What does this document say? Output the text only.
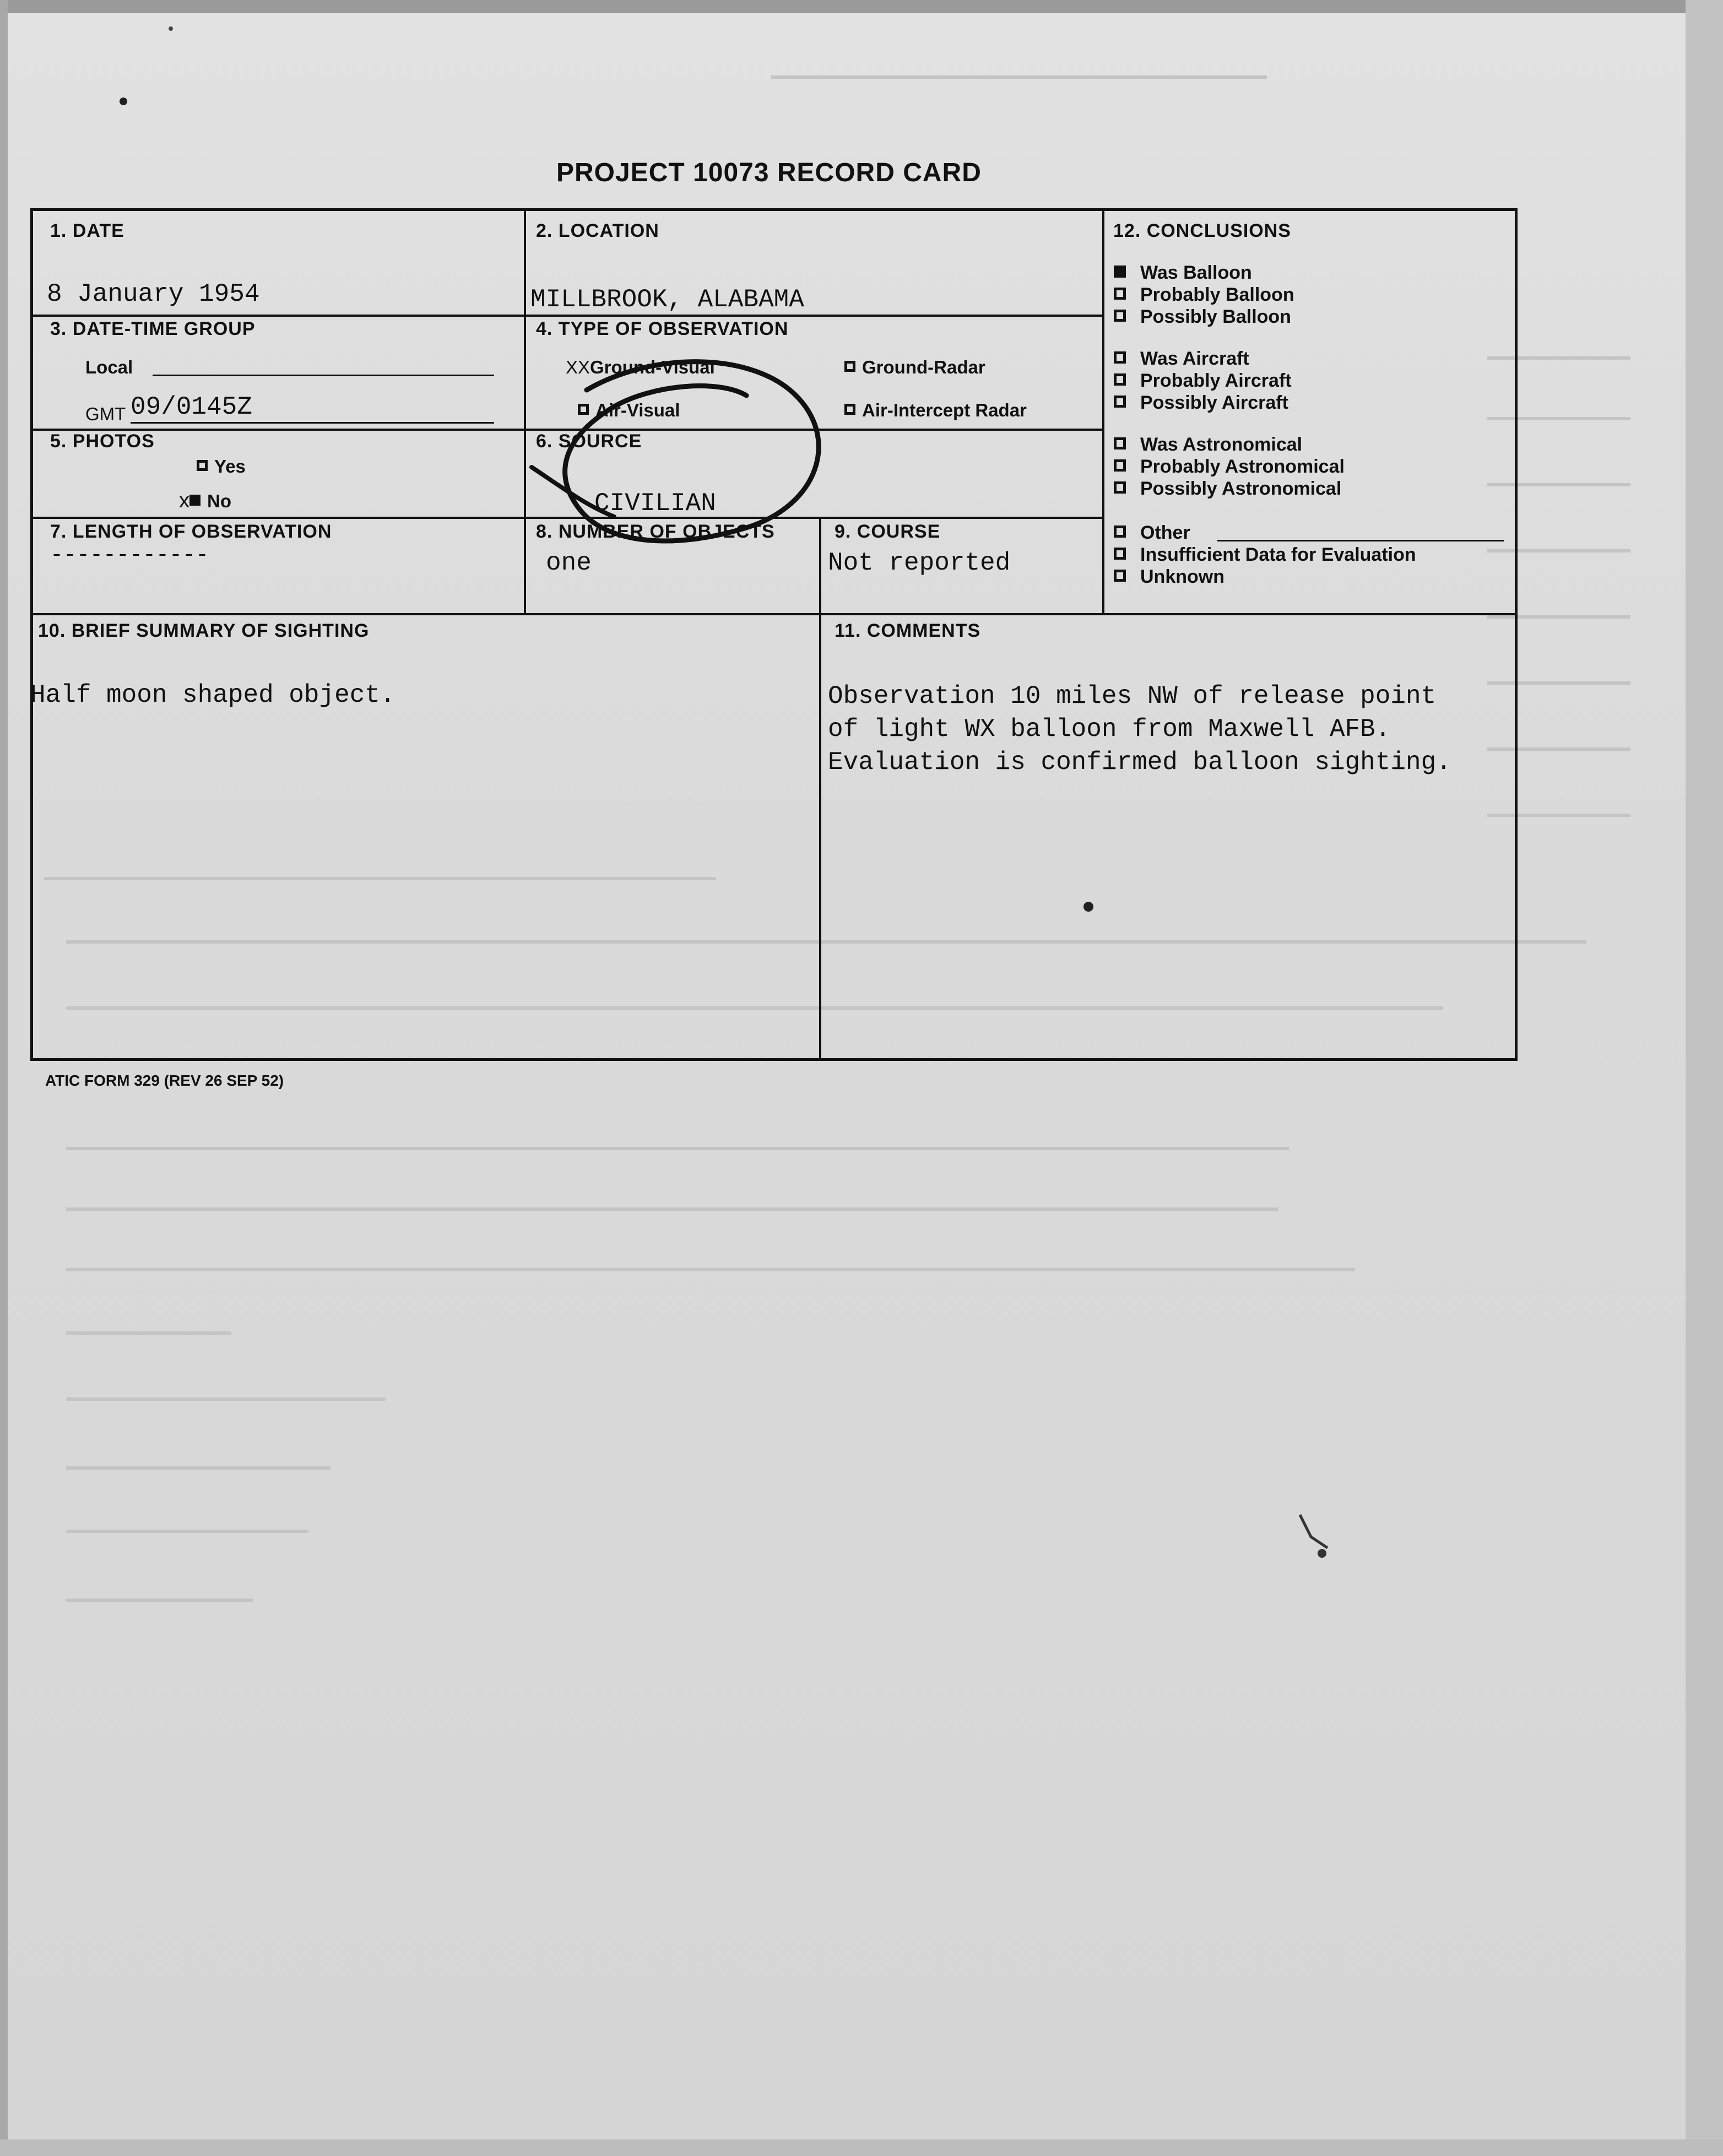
PROJECT 10073 RECORD CARD
1. DATE
8 January 1954
2. LOCATION
MILLBROOK, ALABAMA
3. DATE-TIME GROUP
Local
GMT 09/0145Z
4. TYPE OF OBSERVATION
XXGround-Visual	Ground-Radar
Air-Visual	Air-Intercept Radar
5. PHOTOS
Yes
x No
6. SOURCE
CIVILIAN
7. LENGTH OF OBSERVATION
------------
8. NUMBER OF OBJECTS
one
9. COURSE
Not reported
12. CONCLUSIONS
10. BRIEF SUMMARY OF SIGHTING
Half moon shaped object.
11. COMMENTS
Observation 10 miles NW of release point
of light WX balloon from Maxwell AFB.
Evaluation is confirmed balloon sighting.
Was Balloon
Probably Balloon
Possibly Balloon
Was Aircraft
Probably Aircraft
Possibly Aircraft
Was Astronomical
Probably Astronomical
Possibly Astronomical
Other
Insufficient Data for Evaluation
Unknown
ATIC FORM 329 (REV 26 SEP 52)
